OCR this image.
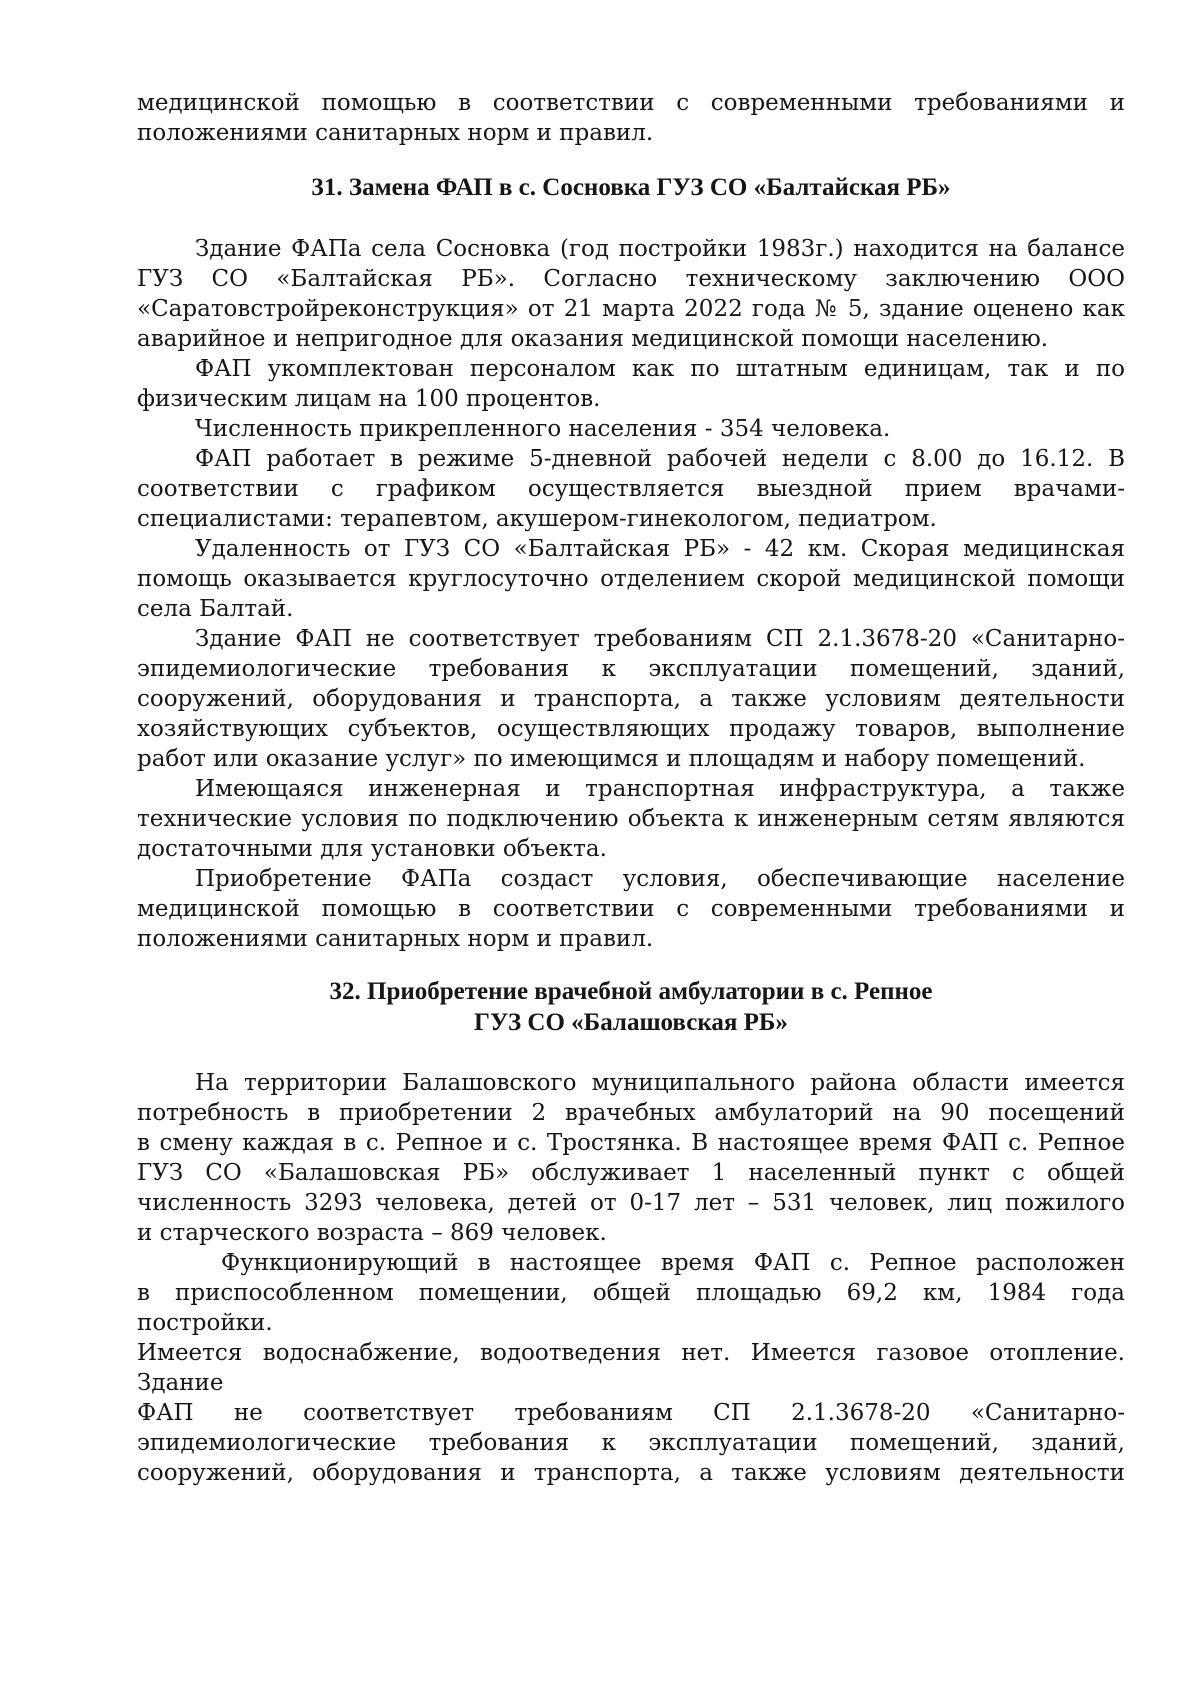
медицинской помощью в соответствии с современными требованиями и
положениями санитарных норм и правил.
31. Замена ФАП в с. Сосновка ГУЗ СО «Балтайская РБ»
Здание ФАПа села Сосновка (год постройки 1983г.) находится на балансе
ГУЗ СО «Балтайская РБ». Согласно техническому заключению ООО
«Саратовстройреконструкция» от 21 марта 2022 года № 5, здание оценено как
аварийное и непригодное для оказания медицинской помощи населению.
ФАП укомплектован персоналом как по штатным единицам, так и по
физическим лицам на 100 процентов.
Численность прикрепленного населения - 354 человека.
ФАП работает в режиме 5-дневной рабочей недели с 8.00 до 16.12. В
соответствии с графиком осуществляется выездной прием врачами-
специалистами: терапевтом, акушером-гинекологом, педиатром.
Удаленность от ГУЗ СО «Балтайская РБ» - 42 км. Скорая медицинская
помощь оказывается круглосуточно отделением скорой медицинской помощи
села Балтай.
Здание ФАП не соответствует требованиям СП 2.1.3678-20 «Санитарно-
эпидемиологические требования к эксплуатации помещений, зданий,
сооружений, оборудования и транспорта, а также условиям деятельности
хозяйствующих субъектов, осуществляющих продажу товаров, выполнение
работ или оказание услуг» по имеющимся и площадям и набору помещений.
Имеющаяся инженерная и транспортная инфраструктура, а также
технические условия по подключению объекта к инженерным сетям являются
достаточными для установки объекта.
Приобретение ФАПа создаст условия, обеспечивающие население
медицинской помощью в соответствии с современными требованиями и
положениями санитарных норм и правил.
32. Приобретение врачебной амбулатории в с. Репное
ГУЗ СО «Балашовская РБ»
На территории Балашовского муниципального района области имеется
потребность в приобретении 2 врачебных амбулаторий на 90 посещений
в смену каждая в с. Репное и с. Тростянка. В настоящее время ФАП с. Репное
ГУЗ СО «Балашовская РБ» обслуживает 1 населенный пункт с общей
численность 3293 человека, детей от 0-17 лет – 531 человек, лиц пожилого
и старческого возраста – 869 человек.
Функционирующий в настоящее время ФАП с. Репное расположен
в приспособленном помещении, общей площадью 69,2 км, 1984 года постройки.
Имеется водоснабжение, водоотведения нет. Имеется газовое отопление. Здание
ФАП не соответствует требованиям СП 2.1.3678-20 «Санитарно-
эпидемиологические требования к эксплуатации помещений, зданий,
сооружений, оборудования и транспорта, а также условиям деятельности
